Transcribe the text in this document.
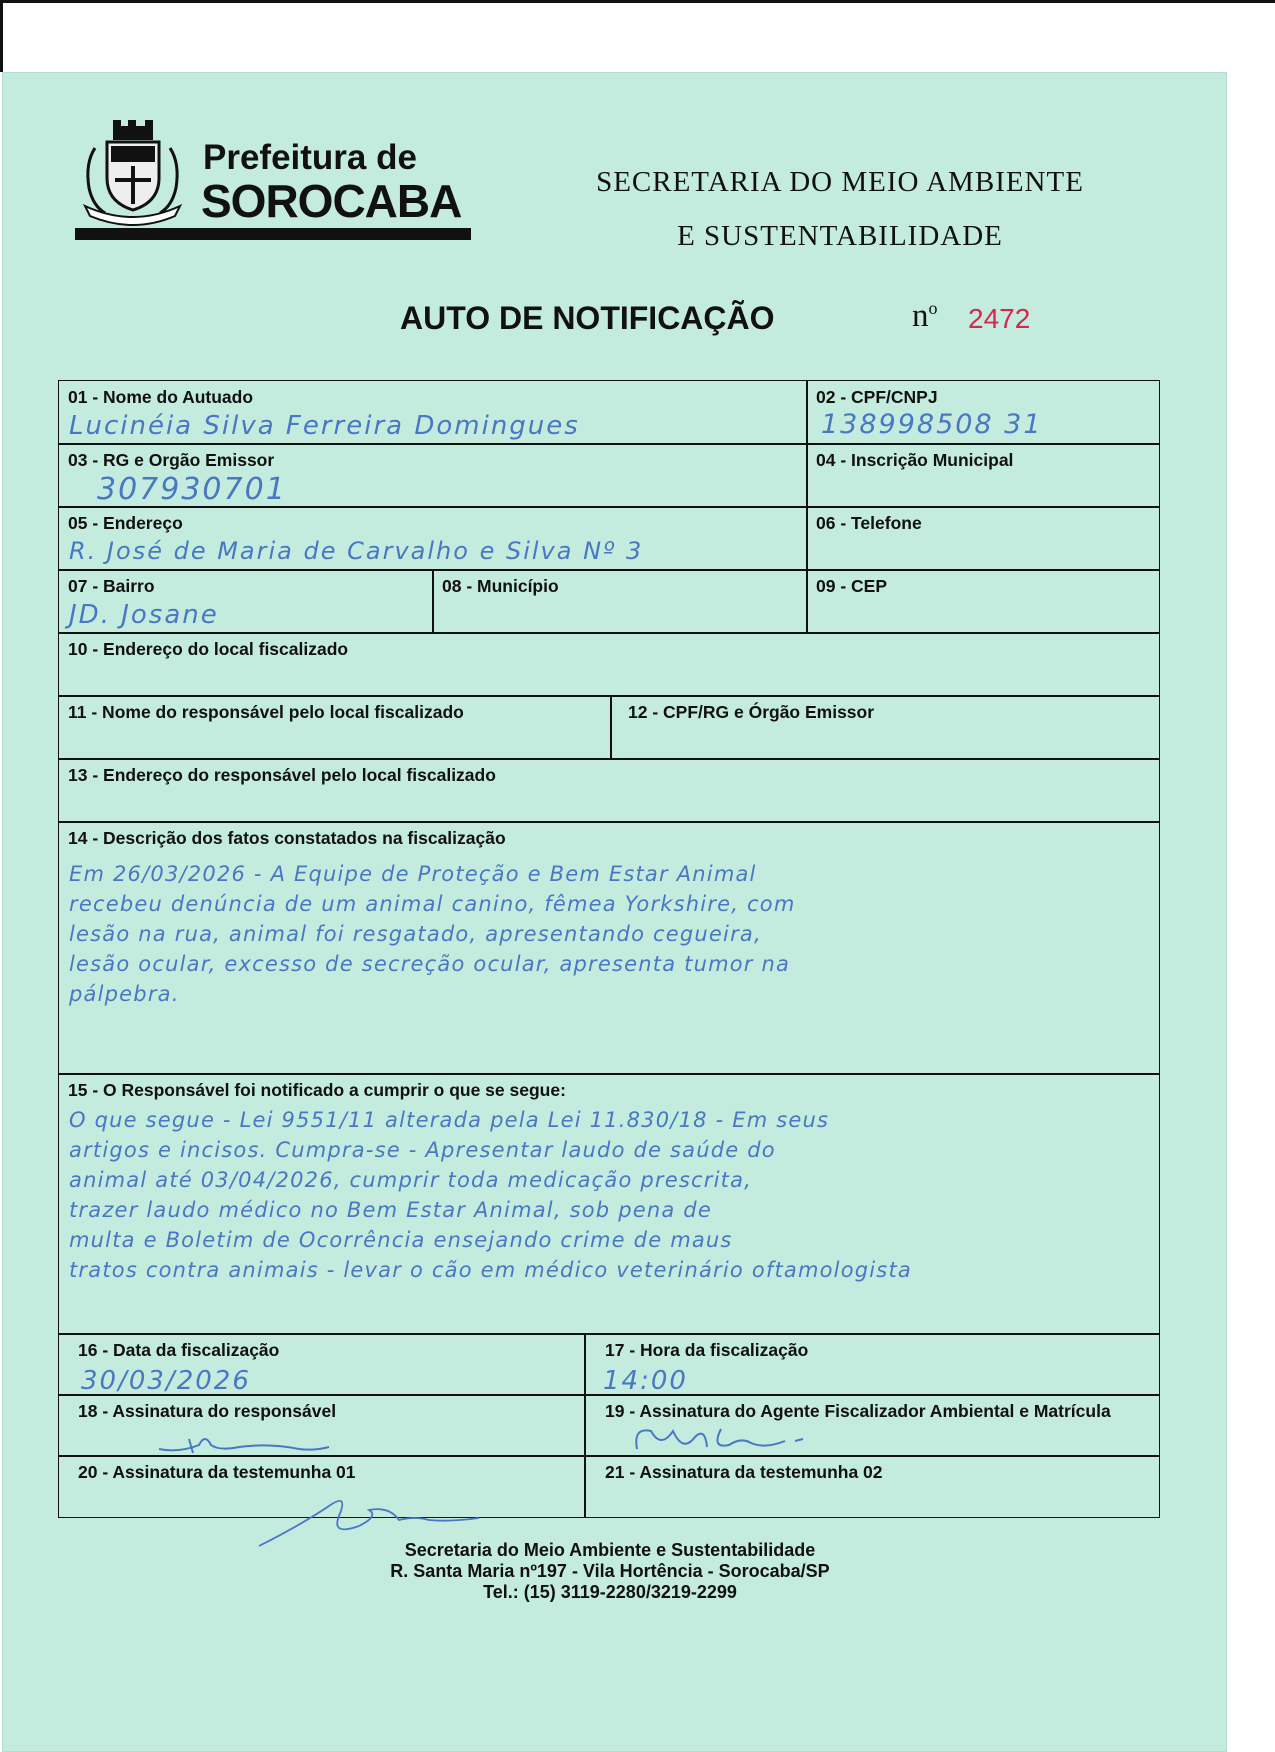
Prefeitura de
SOROCABA	SECRETARIA DO MEIO AMBIENTE
E SUSTENTABILIDADE
AUTO DE NOTIFICAÇÃO	$n^o$ 2472
01 - Nome do Autuado
Lucinéia Silva Ferreira Domingues
02 - CPF/CNPJ
138998508 31
03 - RG e Orgão Emissor
307930701
04 - Inscrição Municipal
05 - Endereço
R. José de Maria de Carvalho e Silva Nº 3
06 - Telefone
07 - Bairro
JD. Josane
08 - Município	09 - CEP
10 - Endereço do local fiscalizado
11 - Nome do responsável pelo local fiscalizado	12 - CPF/RG e Órgão Emissor
13 - Endereço do responsável pelo local fiscalizado
14 - Descrição dos fatos constatados na fiscalização
Em 26/03/2026 - A Equipe de Proteção e Bem Estar Animal
recebeu denúncia de um animal canino, fêmea Yorkshire, com
lesão na rua, animal foi resgatado, apresentando cegueira,
lesão ocular, excesso de secreção ocular, apresenta tumor na
pálpebra.
15 - O Responsável foi notificado a cumprir o que se segue:
O que segue - Lei 9551/11 alterada pela Lei 11.830/18 - Em seus
artigos e incisos. Cumpra-se - Apresentar laudo de saúde do
animal até 03/04/2026, cumprir toda medicação prescrita,
trazer laudo médico no Bem Estar Animal, sob pena de
multa e Boletim de Ocorrência ensejando crime de maus
tratos contra animais - levar o cão em médico veterinário oftamologista
16 - Data da fiscalização
30/03/2026
17 - Hora da fiscalização
14:00
18 - Assinatura do responsável	19 - Assinatura do Agente Fiscalizador Ambiental e Matrícula
20 - Assinatura da testemunha 01	21 - Assinatura da testemunha 02
Secretaria do Meio Ambiente e Sustentabilidade
R. Santa Maria nº197 - Vila Hortência - Sorocaba/SP
Tel.: (15) 3119-2280/3219-2299
